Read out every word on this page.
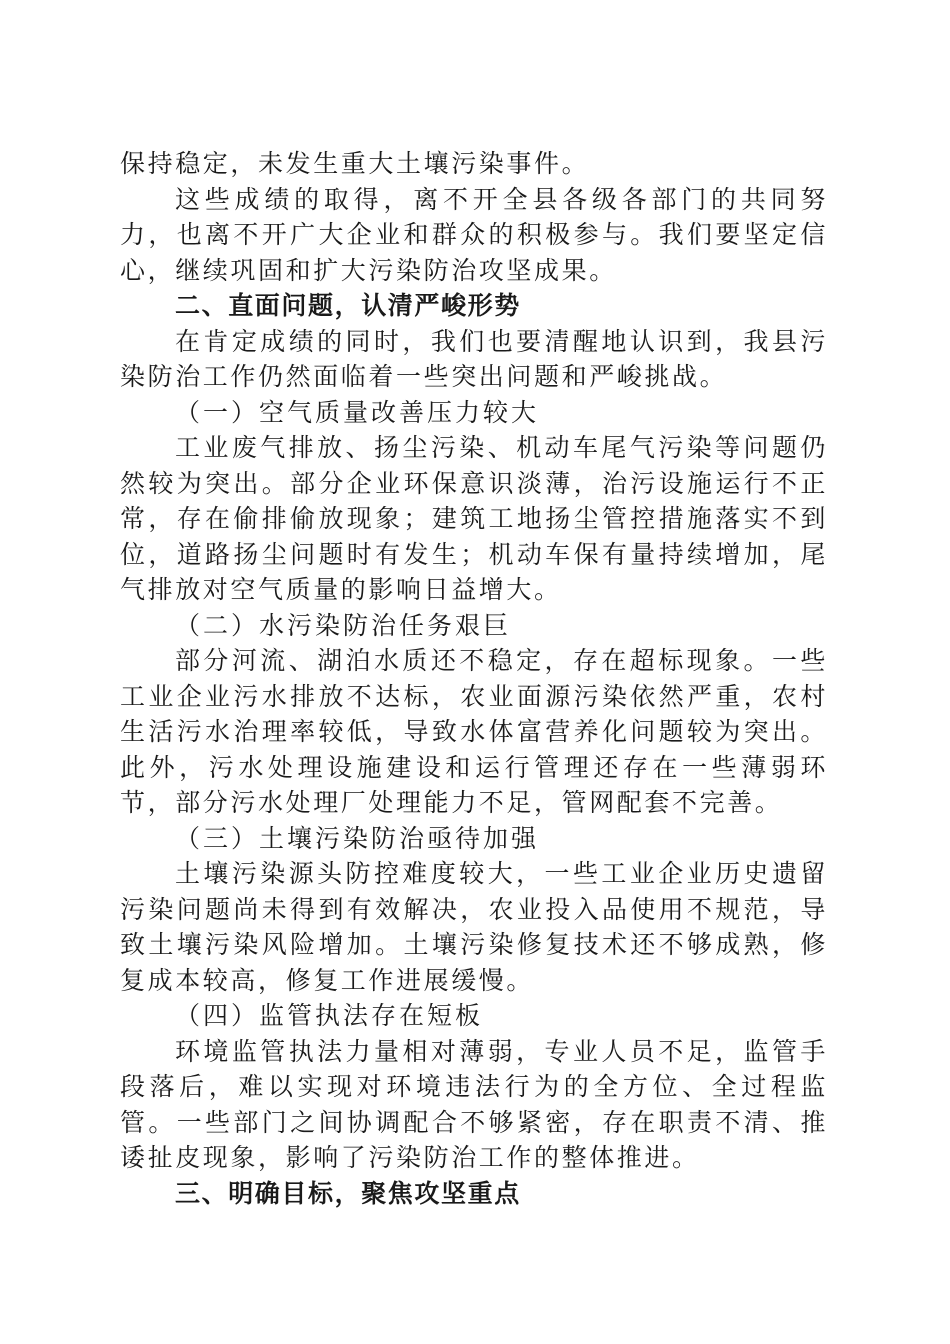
保持稳定，未发生重大土壤污染事件。

这些成绩的取得，离不开全县各级各部门的共同努力，也离不开广大企业和群众的积极参与。我们要坚定信心，继续巩固和扩大污染防治攻坚成果。

二、直面问题，认清严峻形势

在肯定成绩的同时，我们也要清醒地认识到，我县污染防治工作仍然面临着一些突出问题和严峻挑战。

（一）空气质量改善压力较大

工业废气排放、扬尘污染、机动车尾气污染等问题仍然较为突出。部分企业环保意识淡薄，治污设施运行不正常，存在偷排偷放现象；建筑工地扬尘管控措施落实不到位，道路扬尘问题时有发生；机动车保有量持续增加，尾气排放对空气质量的影响日益增大。

（二）水污染防治任务艰巨

部分河流、湖泊水质还不稳定，存在超标现象。一些工业企业污水排放不达标，农业面源污染依然严重，农村生活污水治理率较低，导致水体富营养化问题较为突出。此外，污水处理设施建设和运行管理还存在一些薄弱环节，部分污水处理厂处理能力不足，管网配套不完善。

（三）土壤污染防治亟待加强

土壤污染源头防控难度较大，一些工业企业历史遗留污染问题尚未得到有效解决，农业投入品使用不规范，导致土壤污染风险增加。土壤污染修复技术还不够成熟，修复成本较高，修复工作进展缓慢。

（四）监管执法存在短板

环境监管执法力量相对薄弱，专业人员不足，监管手段落后，难以实现对环境违法行为的全方位、全过程监管。一些部门之间协调配合不够紧密，存在职责不清、推诿扯皮现象，影响了污染防治工作的整体推进。

三、明确目标，聚焦攻坚重点
